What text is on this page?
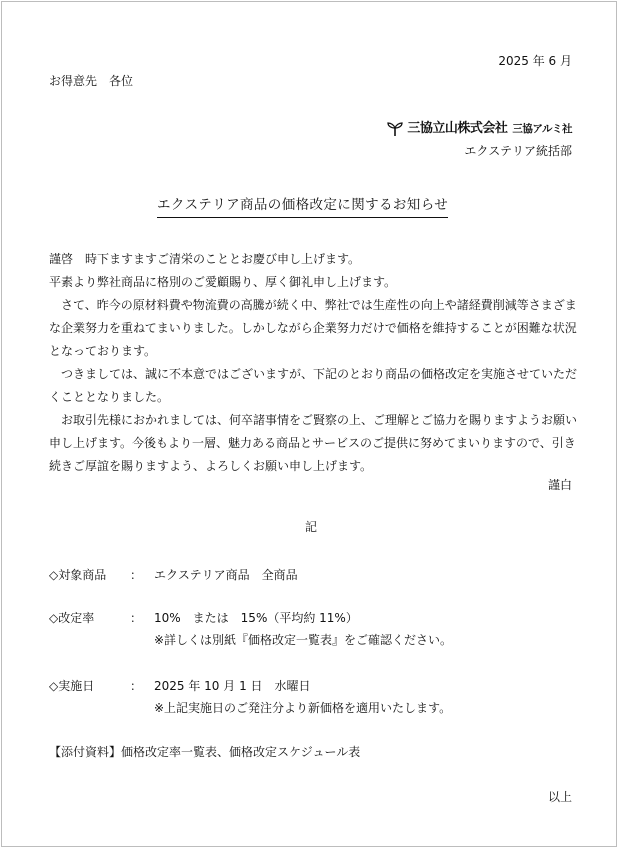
2025 年 6 月
お得意先　各位
三協立山株式会社 三協アルミ社
エクステリア統括部
エクステリア商品の価格改定に関するお知らせ

謹啓　時下ますますご清栄のこととお慶び申し上げます。

平素より弊社商品に格別のご愛顧賜り、厚く御礼申し上げます。

さて、昨今の原材料費や物流費の高騰が続く中、弊社では生産性の向上や諸経費削減等さまざまな企業努力を重ねてまいりました。しかしながら企業努力だけで価格を維持することが困難な状況となっております。

つきましては、誠に不本意ではございますが、下記のとおり商品の価格改定を実施させていただくこととなりました。

お取引先様におかれましては、何卒諸事情をご賢察の上、ご理解とご協力を賜りますようお願い申し上げます。今後もより一層、魅力ある商品とサービスのご提供に努めてまいりますので、引き続きご厚誼を賜りますよう、よろしくお願い申し上げます。

謹白
記
◇対象商品 ： エクステリア商品　全商品
◇改定率	： 10%　または　15%（平均約 11%）
※詳しくは別紙『価格改定一覧表』をご確認ください。
◇実施日	： 2025 年 10 月 1 日　水曜日
※上記実施日のご発注分より新価格を適用いたします。
【添付資料】価格改定率一覧表、価格改定スケジュール表
以上
